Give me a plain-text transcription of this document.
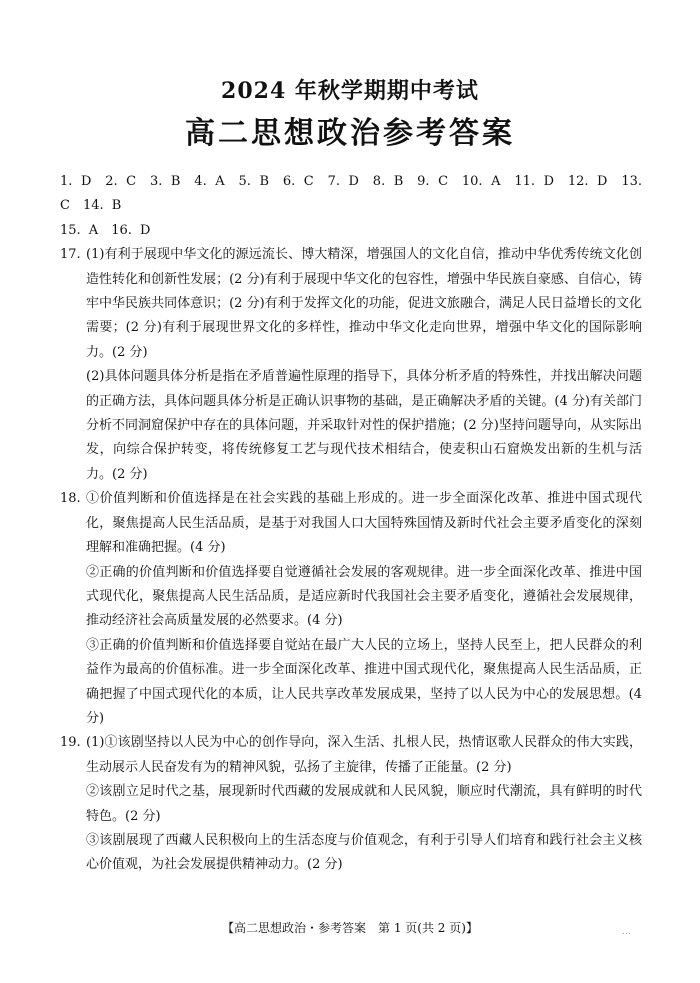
2024 年秋学期期中考试
高二思想政治参考答案

1. D　2. C　3. B　4. A　5. B　6. C　7. D　8. B　9. C　10. A　11. D　12. D　13. C　14. B

15. A　16. D

17. (1)有利于展现中华文化的源远流长、博大精深，增强国人的文化自信，推动中华优秀传统文化创造性转化和创新性发展；(2 分)有利于展现中华文化的包容性，增强中华民族自豪感、自信心，铸牢中华民族共同体意识；(2 分)有利于发挥文化的功能，促进文旅融合，满足人民日益增长的文化需要；(2 分)有利于展现世界文化的多样性，推动中华文化走向世界，增强中华文化的国际影响力。(2 分)

(2)具体问题具体分析是指在矛盾普遍性原理的指导下，具体分析矛盾的特殊性，并找出解决问题的正确方法，具体问题具体分析是正确认识事物的基础，是正确解决矛盾的关键。(4 分)有关部门分析不同洞窟保护中存在的具体问题，并采取针对性的保护措施；(2 分)坚持问题导向，从实际出发，向综合保护转变，将传统修复工艺与现代技术相结合，使麦积山石窟焕发出新的生机与活力。(2 分)

18. ①价值判断和价值选择是在社会实践的基础上形成的。进一步全面深化改革、推进中国式现代化，聚焦提高人民生活品质，是基于对我国人口大国特殊国情及新时代社会主要矛盾变化的深刻理解和准确把握。(4 分)

②正确的价值判断和价值选择要自觉遵循社会发展的客观规律。进一步全面深化改革、推进中国式现代化，聚焦提高人民生活品质，是适应新时代我国社会主要矛盾变化，遵循社会发展规律，推动经济社会高质量发展的必然要求。(4 分)

③正确的价值判断和价值选择要自觉站在最广大人民的立场上，坚持人民至上，把人民群众的利益作为最高的价值标准。进一步全面深化改革、推进中国式现代化，聚焦提高人民生活品质，正确把握了中国式现代化的本质，让人民共享改革发展成果，坚持了以人民为中心的发展思想。(4 分)

19. (1)①该剧坚持以人民为中心的创作导向，深入生活、扎根人民，热情讴歌人民群众的伟大实践，生动展示人民奋发有为的精神风貌，弘扬了主旋律，传播了正能量。(2 分)

②该剧立足时代之基，展现新时代西藏的发展成就和人民风貌，顺应时代潮流，具有鲜明的时代特色。(2 分)

③该剧展现了西藏人民积极向上的生活态度与价值观念，有利于引导人们培育和践行社会主义核心价值观，为社会发展提供精神动力。(2 分)

【高二思想政治・参考答案　第 1 页(共 2 页)】	…
